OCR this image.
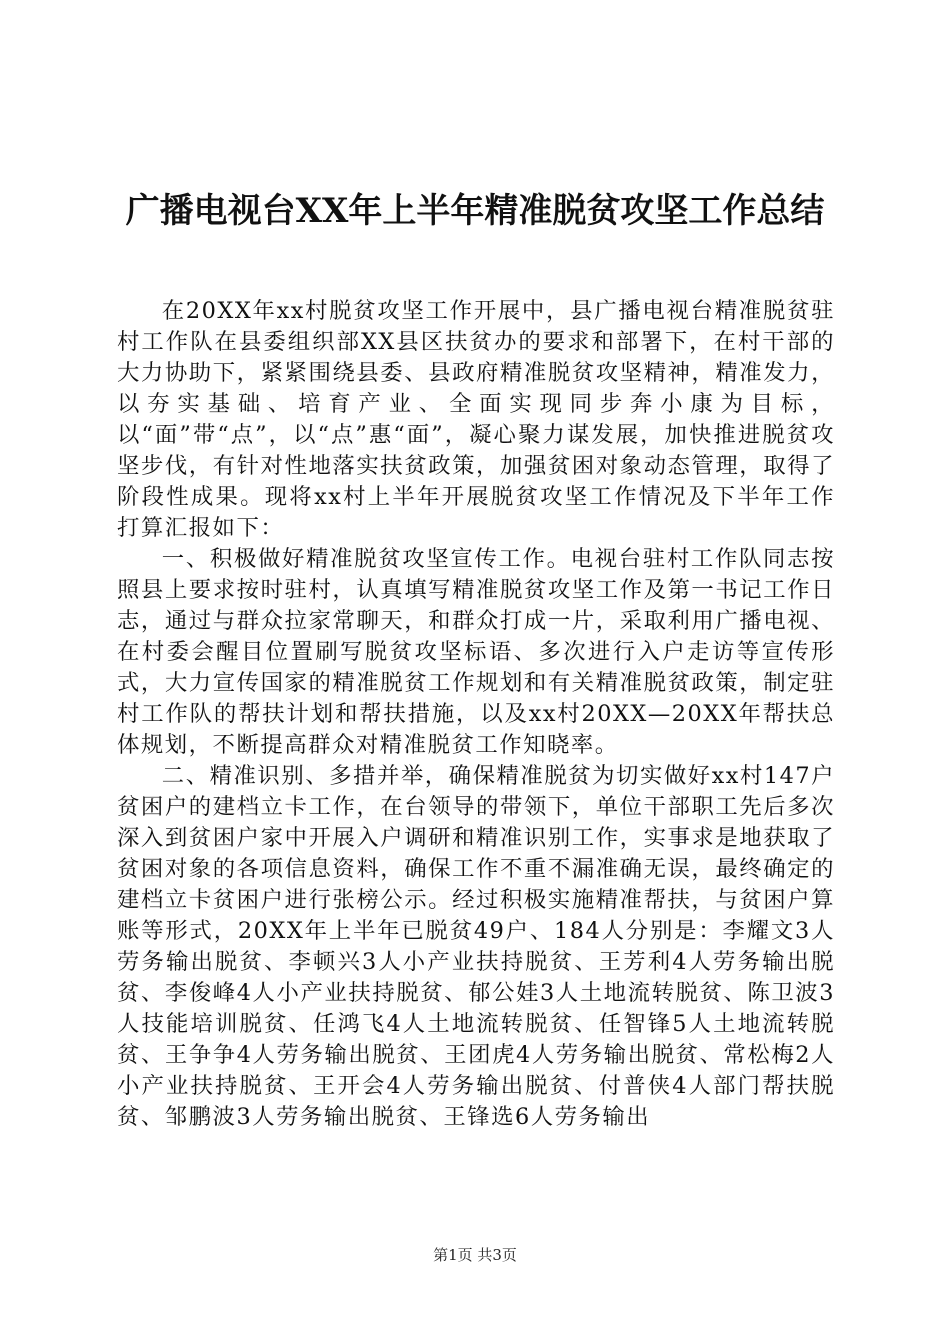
广播电视台XX年上半年精准脱贫攻坚工作总结

在20XX年xx村脱贫攻坚工作开展中，县广播电视台精准脱贫驻村工作队在县委组织部XX县区扶贫办的要求和部署下，在村干部的大力协助下，紧紧围绕县委、县政府精准脱贫攻坚精神，精准发力，以夯实基础、培育产业、全面实现同步奔小康为目标，以“面”带“点”，以“点”惠“面”，凝心聚力谋发展，加快推进脱贫攻坚步伐，有针对性地落实扶贫政策，加强贫困对象动态管理，取得了阶段性成果。现将xx村上半年开展脱贫攻坚工作情况及下半年工作打算汇报如下：

一、积极做好精准脱贫攻坚宣传工作。电视台驻村工作队同志按照县上要求按时驻村，认真填写精准脱贫攻坚工作及第一书记工作日志，通过与群众拉家常聊天，和群众打成一片，采取利用广播电视、在村委会醒目位置刷写脱贫攻坚标语、多次进行入户走访等宣传形式，大力宣传国家的精准脱贫工作规划和有关精准脱贫政策，制定驻村工作队的帮扶计划和帮扶措施，以及xx村20XX—20XX年帮扶总体规划，不断提高群众对精准脱贫工作知晓率。

二、精准识别、多措并举，确保精准脱贫为切实做好xx村147户贫困户的建档立卡工作，在台领导的带领下，单位干部职工先后多次深入到贫困户家中开展入户调研和精准识别工作，实事求是地获取了贫困对象的各项信息资料，确保工作不重不漏准确无误，最终确定的建档立卡贫困户进行张榜公示。经过积极实施精准帮扶，与贫困户算账等形式，20XX年上半年已脱贫49户、184人分别是：李耀文3人劳务输出脱贫、李顿兴3人小产业扶持脱贫、王芳利4人劳务输出脱贫、李俊峰4人小产业扶持脱贫、郁公娃3人土地流转脱贫、陈卫波3人技能培训脱贫、任鸿飞4人土地流转脱贫、任智锋5人土地流转脱贫、王争争4人劳务输出脱贫、王团虎4人劳务输出脱贫、常松梅2人小产业扶持脱贫、王开会4人劳务输出脱贫、付普侠4人部门帮扶脱贫、邹鹏波3人劳务输出脱贫、王锋选6人劳务输出

第1页 共3页
